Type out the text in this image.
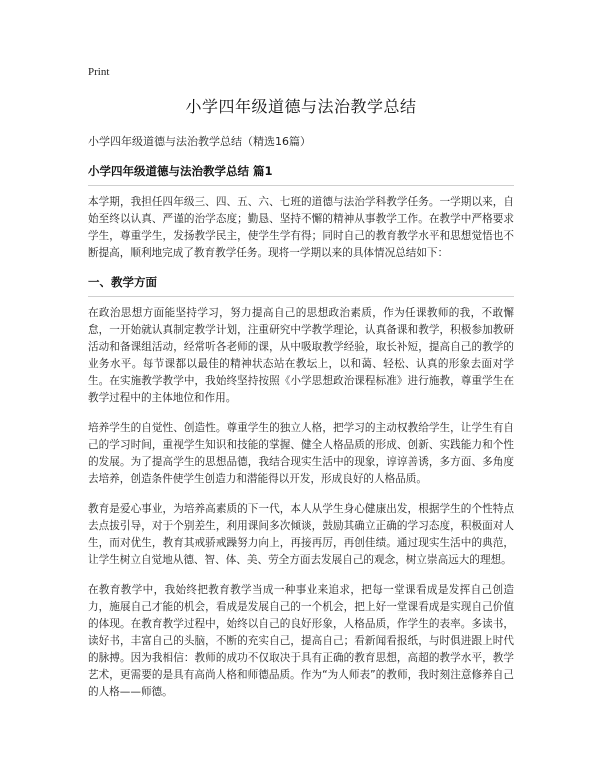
Print
小学四年级道德与法治教学总结
小学四年级道德与法治教学总结（精选16篇）
小学四年级道德与法治教学总结 篇1

本学期，我担任四年级三、四、五、六、七班的道德与法治学科教学任务。一学期以来，自始至终以认真、严谨的治学态度；勤恳、坚持不懈的精神从事教学工作。在教学中严格要求学生，尊重学生，发扬教学民主，使学生学有得；同时自己的教育教学水平和思想觉悟也不断提高，顺利地完成了教育教学任务。现将一学期以来的具体情况总结如下：

一、教学方面

在政治思想方面能坚持学习，努力提高自己的思想政治素质，作为任课教师的我，不敢懈怠，一开始就认真制定教学计划，注重研究中学教学理论，认真备课和教学，积极参加教研活动和备课组活动，经常听各老师的课，从中吸取教学经验，取长补短，提高自己的教学的业务水平。每节课都以最佳的精神状态站在教坛上，以和蔼、轻松、认真的形象去面对学生。在实施教学教学中，我始终坚持按照《小学思想政治课程标准》进行施教，尊重学生在教学过程中的主体地位和作用。

培养学生的自觉性、创造性。尊重学生的独立人格，把学习的主动权教给学生，让学生有自己的学习时间，重视学生知识和技能的掌握、健全人格品质的形成、创新、实践能力和个性的发展。为了提高学生的思想品德，我结合现实生活中的现象，谆谆善诱，多方面、多角度去培养，创造条件使学生创造力和潜能得以开发，形成良好的人格品质。

教育是爱心事业，为培养高素质的下一代，本人从学生身心健康出发，根据学生的个性特点去点拔引导，对于个别差生，利用课间多次倾谈，鼓励其确立正确的学习态度，积极面对人生，而对优生，教育其戒骄戒躁努力向上，再接再厉，再创佳绩。通过现实生活中的典范，让学生树立自觉地从德、智、体、美、劳全方面去发展自己的观念，树立崇高远大的理想。

在教育教学中，我始终把教育教学当成一种事业来追求，把每一堂课看成是发挥自己创造力，施展自己才能的机会，看成是发展自己的一个机会，把上好一堂课看成是实现自己价值的体现。在教育教学过程中，始终以自己的良好形象，人格品质，作学生的表率。多读书，读好书，丰富自己的头脑，不断的充实自己，提高自己；看新闻看报纸，与时俱进跟上时代的脉搏。因为我相信：教师的成功不仅取决于具有正确的教育思想，高超的教学水平，教学艺术，更需要的是具有高尚人格和师德品质。作为“为人师表”的教师，我时刻注意修养自己的人格——师德。
